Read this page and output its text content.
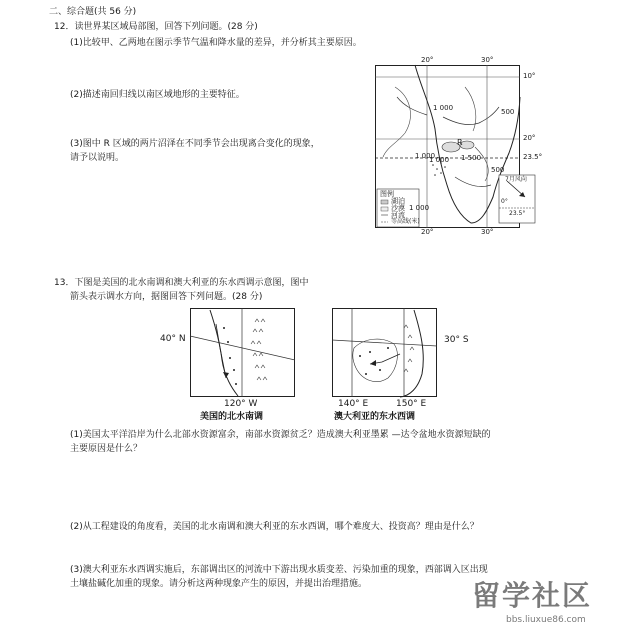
二、综合题(共 56 分)
12．读世界某区域局部图，回答下列问题。(28 分)
(1)比较甲、乙两地在图示季节气温和降水量的差异，并分析其主要原因。
(2)描述南回归线以南区域地形的主要特征。
(3)图中 R 区域的两片沼泽在不同季节会出现离合变化的现象，
请予以说明。
20°	30°
20°	30°
10°
20°
23.5°
1 000
1 000
1 000
1 000
500
500
1 500
R
图例
湖泊
沙漠
河流
等高线(米)
7月风向
0°
23.5°
13．下图是美国的北水南调和澳大利亚的东水西调示意图，图中
箭头表示调水方向，据图回答下列问题。(28 分)
40° N
120° W
美国的北水南调
30° S
140° E	150° E
澳大利亚的东水西调
(1)美国太平洋沿岸为什么北部水资源富余，南部水资源贫乏？造成澳大利亚墨累 —达令盆地水资源短缺的
主要原因是什么？
(2)从工程建设的角度看，美国的北水南调和澳大利亚的东水西调，哪个难度大、投资高？理由是什么？
(3)澳大利亚东水西调实施后，东部调出区的河流中下游出现水质变差、污染加重的现象，西部调入区出现
土壤盐碱化加重的现象。请分析这两种现象产生的原因，并提出治理措施。	留学社区
bbs.liuxue86.com
